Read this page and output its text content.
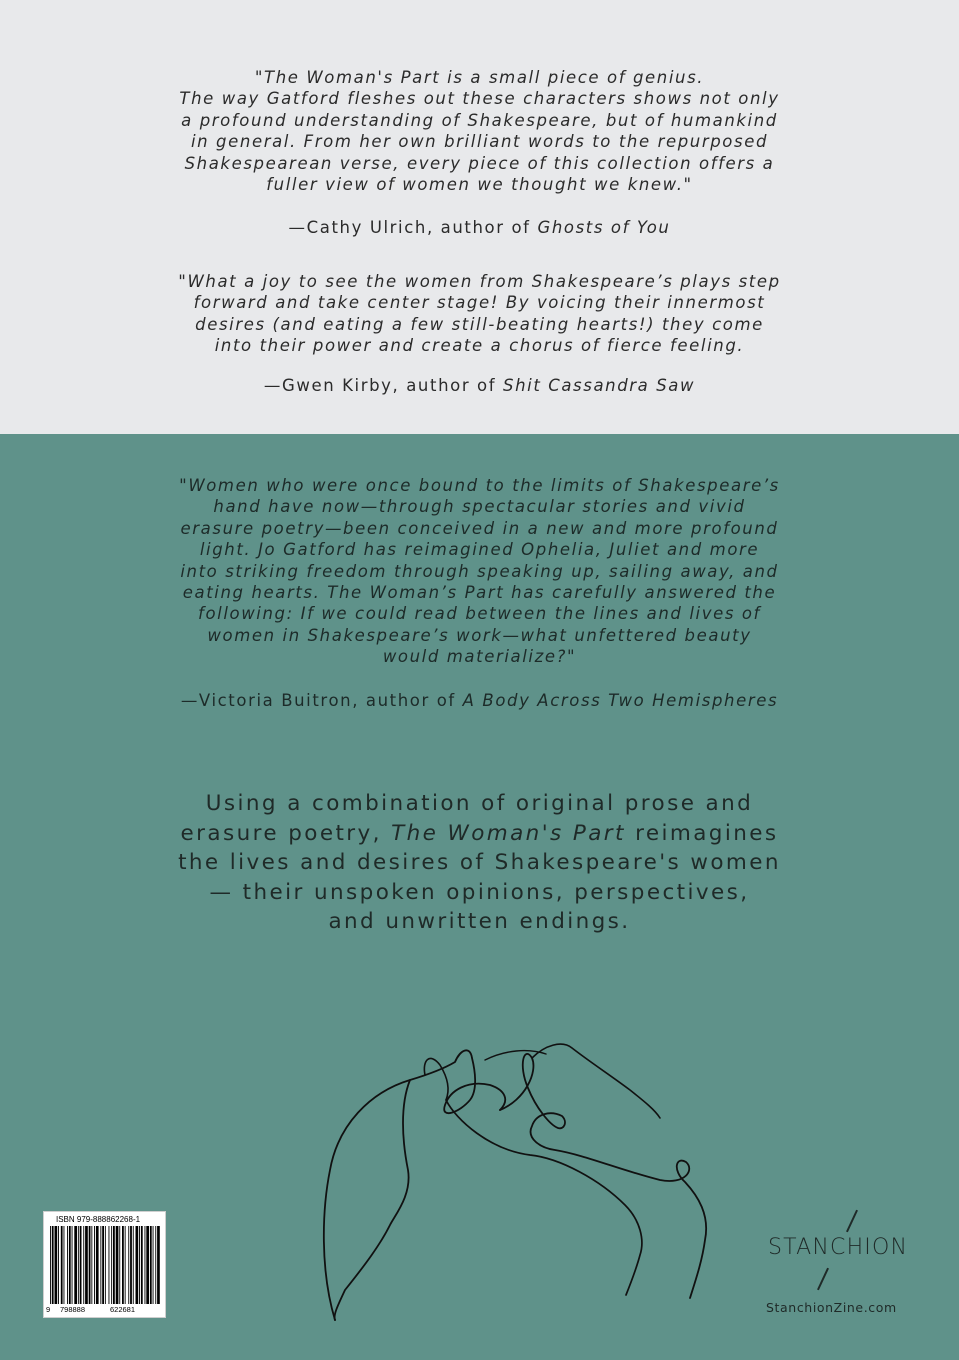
"The Woman's Part is a small piece of genius.
The way Gatford fleshes out these characters shows not only
a profound understanding of Shakespeare, but of humankind
in general. From her own brilliant words to the repurposed
Shakespearean verse, every piece of this collection offers a
fuller view of women we thought we knew."

—Cathy Ulrich, author of Ghosts of You

"What a joy to see the women from Shakespeare’s plays step
forward and take center stage! By voicing their innermost
desires (and eating a few still-beating hearts!) they come
into their power and create a chorus of fierce feeling.

—Gwen Kirby, author of Shit Cassandra Saw

"Women who were once bound to the limits of Shakespeare’s
hand have now—through spectacular stories and vivid
erasure poetry—been conceived in a new and more profound
light. Jo Gatford has reimagined Ophelia, Juliet and more
into striking freedom through speaking up, sailing away, and
eating hearts. The Woman’s Part has carefully answered the
following: If we could read between the lines and lives of
women in Shakespeare’s work—what unfettered beauty
would materialize?"

—Victoria Buitron, author of A Body Across Two Hemispheres

Using a combination of original prose and
erasure poetry, The Woman's Part reimagines
the lives and desires of Shakespeare's women
— their unspoken opinions, perspectives,
and unwritten endings.

ISBN 979-888862268-1
9 798888	622681
STANCHION
StanchionZine.com
